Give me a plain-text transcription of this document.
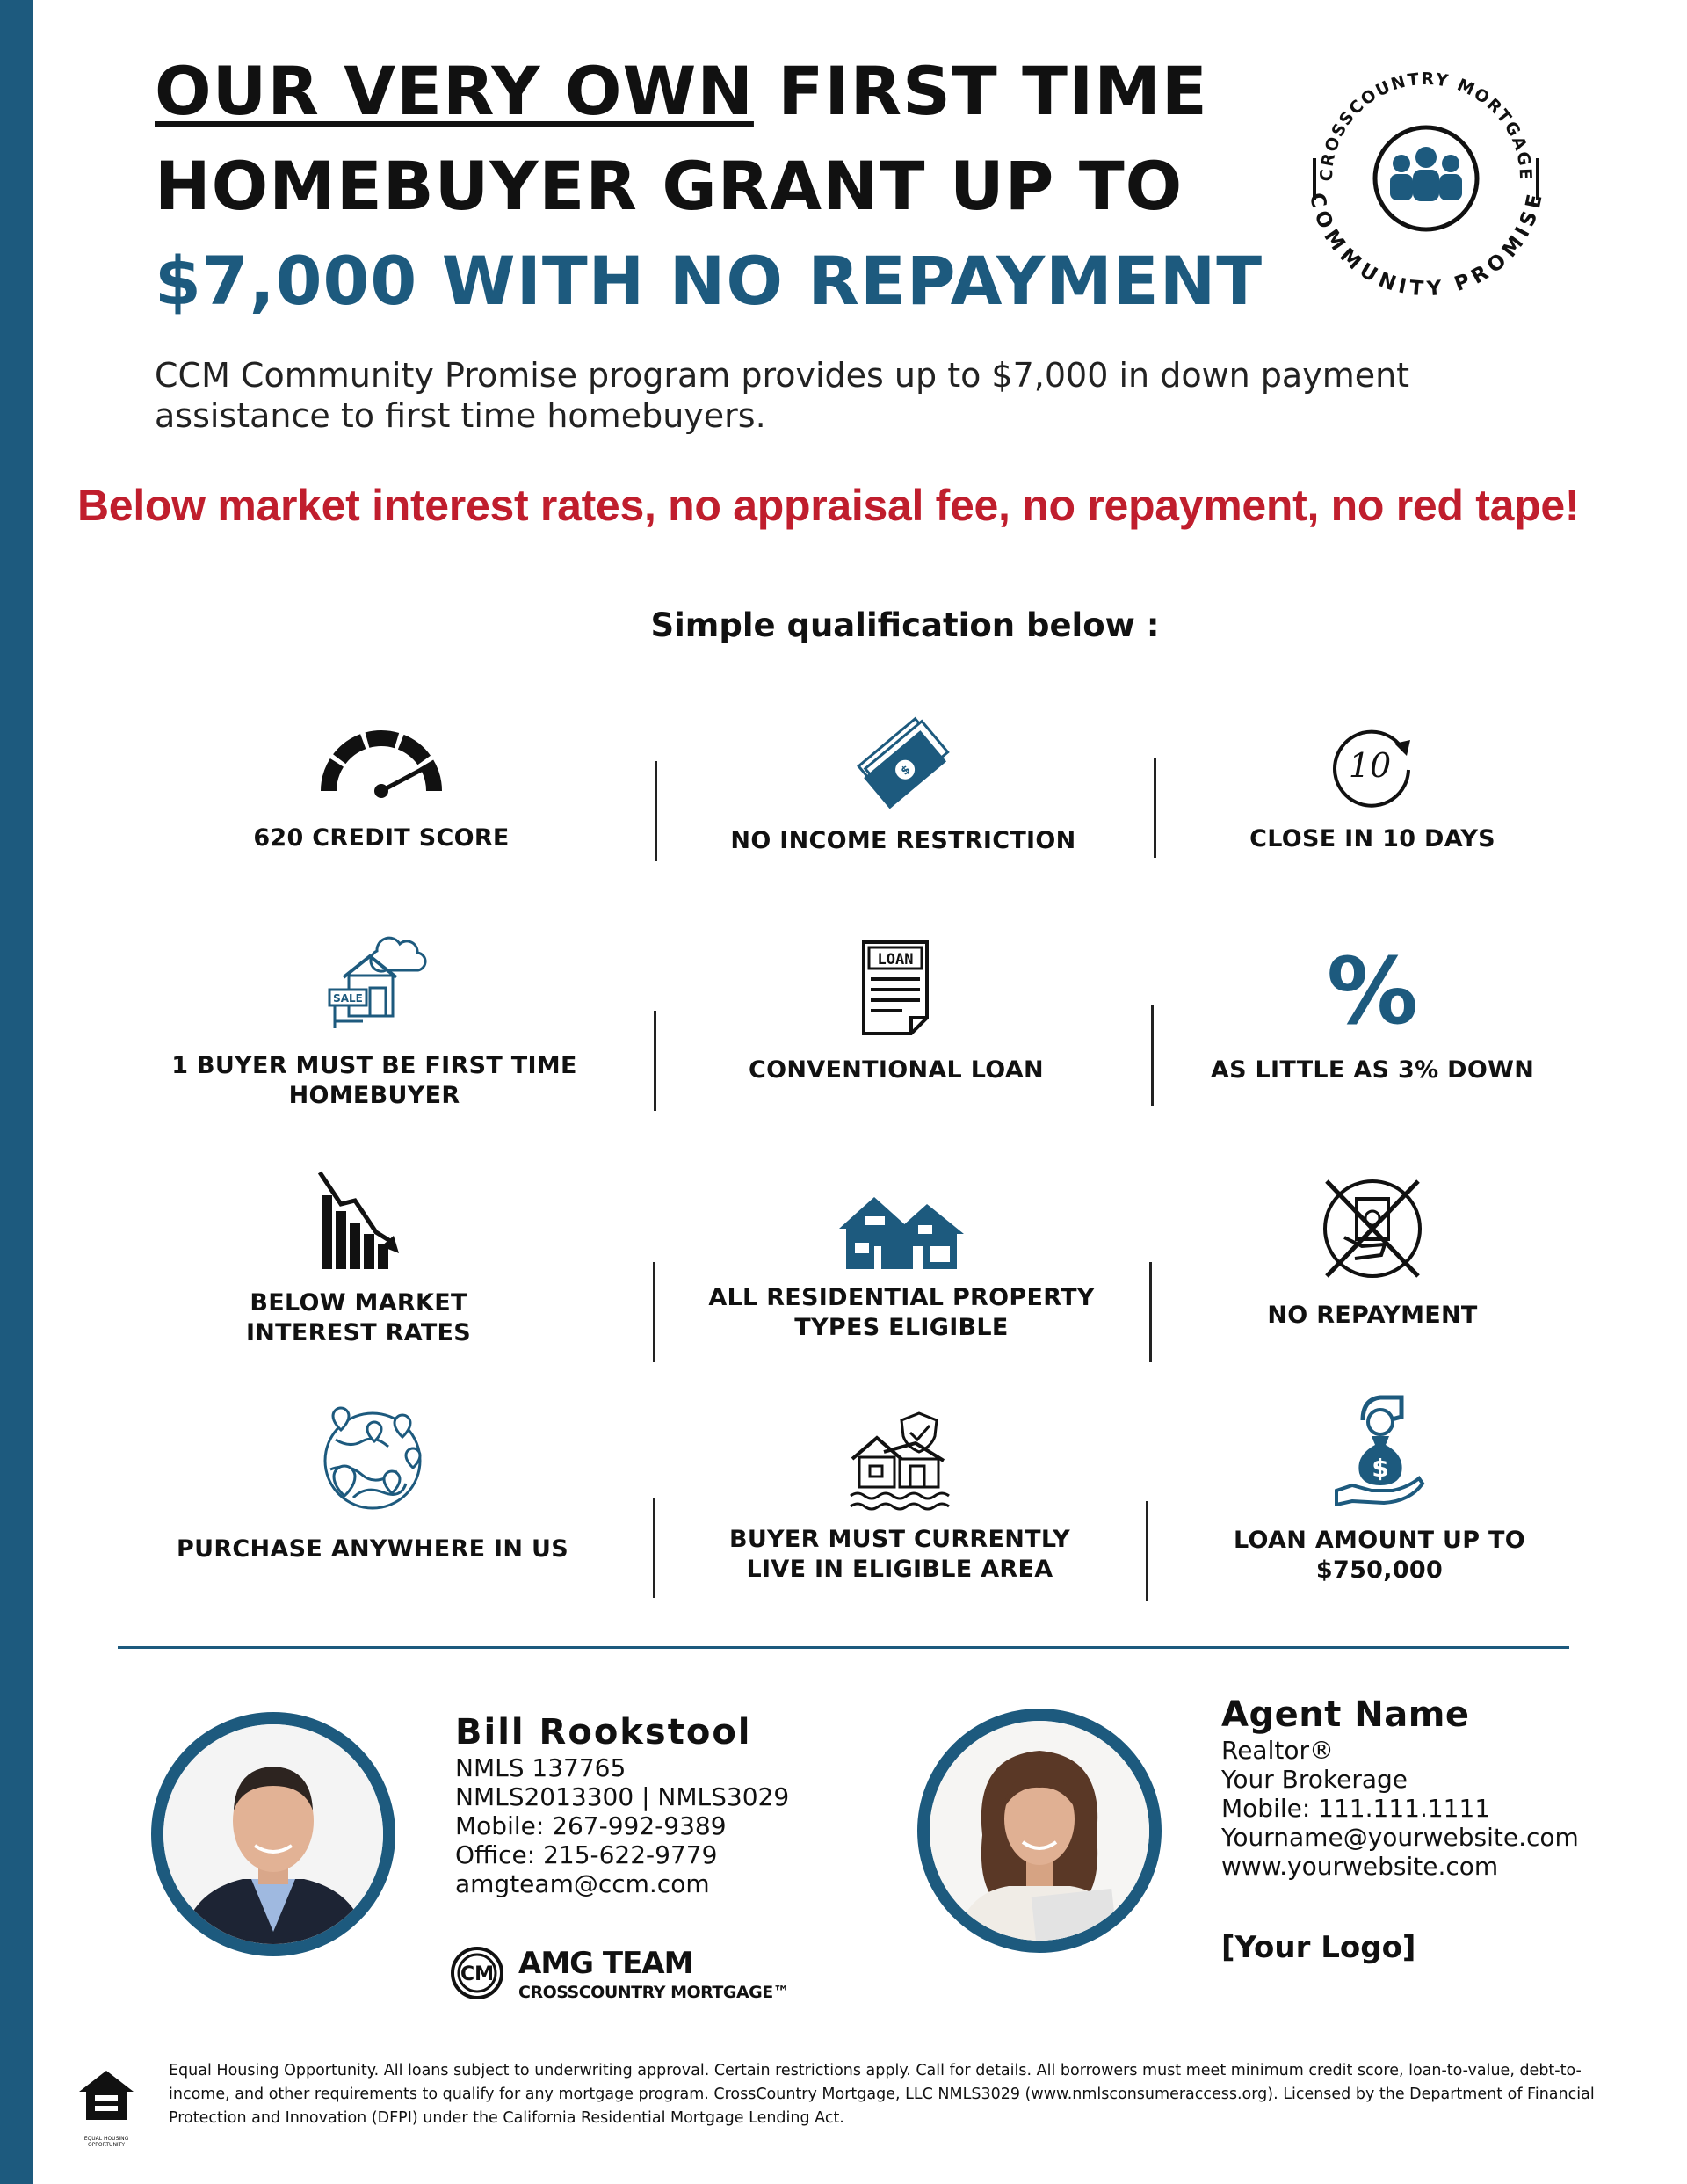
OUR VERY OWN FIRST TIME
HOMEBUYER GRANT UP TO
$7,000 WITH NO REPAYMENT
CROSSCOUNTRY MORTGAGE
COMMUNITY PROMISE
CCM Community Promise program provides up to $7,000 in down payment assistance to first time homebuyers.
Below market interest rates, no appraisal fee, no repayment, no red tape!
Simple qualification below :
620 CREDIT SCORE
$
NO INCOME RESTRICTION
10
CLOSE IN 10 DAYS
SALE
1 BUYER MUST BE FIRST TIME
HOMEBUYER
LOAN
CONVENTIONAL LOAN
%
AS LITTLE AS 3% DOWN
BELOW MARKET
INTEREST RATES
ALL RESIDENTIAL PROPERTY
TYPES ELIGIBLE	NO REPAYMENT
PURCHASE ANYWHERE IN US	BUYER MUST CURRENTLY
LIVE IN ELIGIBLE AREA
$
LOAN AMOUNT UP TO
$750,000
Bill Rookstool
NMLS 137765
NMLS2013300 | NMLS3029
Mobile: 267-992-9389
Office: 215-622-9779
amgteam@ccm.com
CM AMG TEAM
CROSSCOUNTRY MORTGAGE™
Agent Name
Realtor®
Your Brokerage
Mobile: 111.111.1111
Yourname@yourwebsite.com
www.yourwebsite.com
[Your Logo]
EQUAL HOUSING OPPORTUNITY
Equal Housing Opportunity. All loans subject to underwriting approval. Certain restrictions apply. Call for details. All borrowers must meet minimum credit score, loan-to-value, debt-to-income, and other requirements to qualify for any mortgage program. CrossCountry Mortgage, LLC NMLS3029 (www.nmlsconsumeraccess.org). Licensed by the Department of Financial Protection and Innovation (DFPI) under the California Residential Mortgage Lending Act.
